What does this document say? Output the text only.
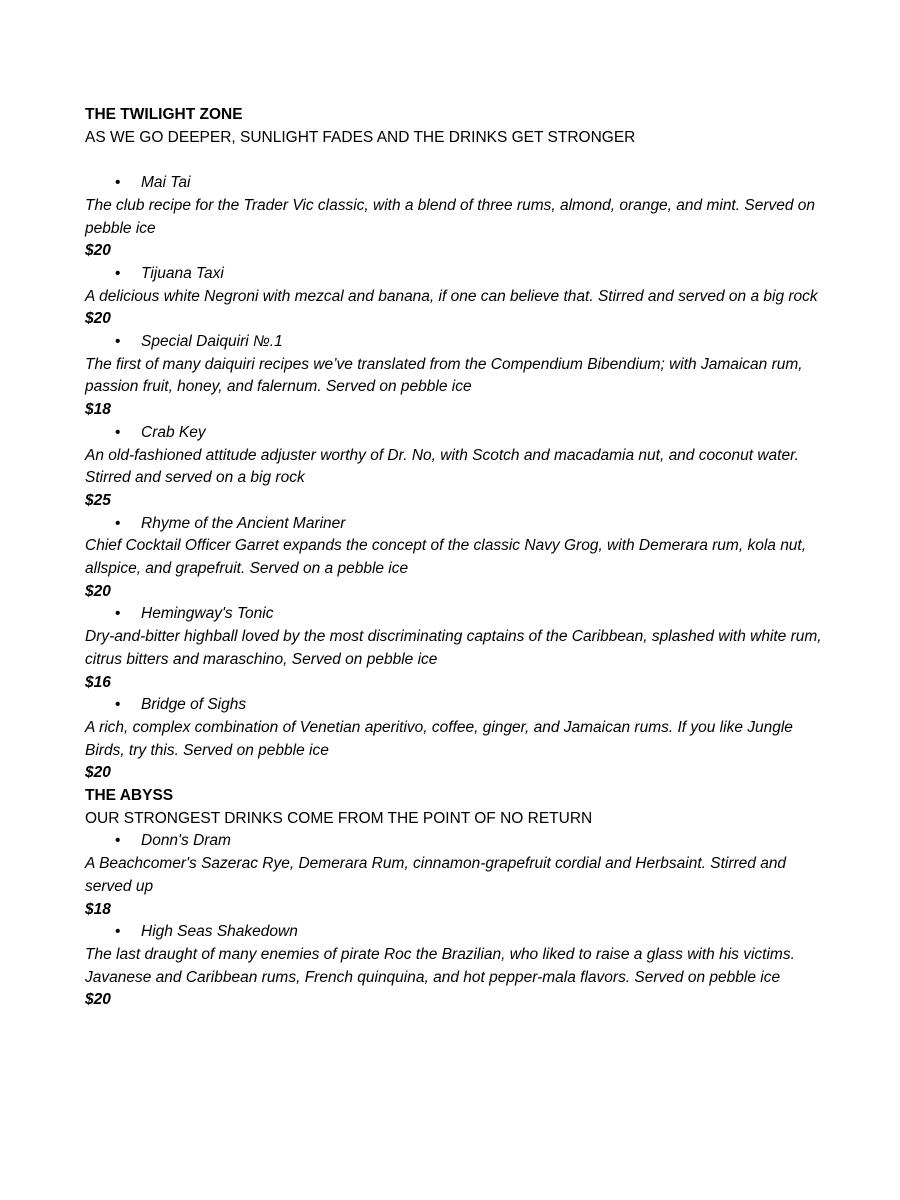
THE TWILIGHT ZONE
AS WE GO DEEPER, SUNLIGHT FADES AND THE DRINKS GET STRONGER
• Mai Tai
The club recipe for the Trader Vic classic, with a blend of three rums, almond, orange, and mint. Served on pebble ice
$20
• Tijuana Taxi
A delicious white Negroni with mezcal and banana, if one can believe that. Stirred and served on a big rock
$20
• Special Daiquiri №.1
The first of many daiquiri recipes we’ve translated from the Compendium Bibendium; with Jamaican rum, passion fruit, honey, and falernum. Served on pebble ice
$18
• Crab Key
An old-fashioned attitude adjuster worthy of Dr. No, with Scotch and macadamia nut, and coconut water. Stirred and served on a big rock
$25
• Rhyme of the Ancient Mariner
Chief Cocktail Officer Garret expands the concept of the classic Navy Grog, with Demerara rum, kola nut, allspice, and grapefruit. Served on a pebble ice
$20
• Hemingway's Tonic
Dry-and-bitter highball loved by the most discriminating captains of the Caribbean, splashed with white rum, citrus bitters and maraschino, Served on pebble ice
$16
• Bridge of Sighs
A rich, complex combination of Venetian aperitivo, coffee, ginger, and Jamaican rums. If you like Jungle Birds, try this. Served on pebble ice
$20
THE ABYSS
OUR STRONGEST DRINKS COME FROM THE POINT OF NO RETURN
• Donn's Dram
A Beachcomer's Sazerac Rye, Demerara Rum, cinnamon-grapefruit cordial and Herbsaint. Stirred and served up
$18
• High Seas Shakedown
The last draught of many enemies of pirate Roc the Brazilian, who liked to raise a glass with his victims. Javanese and Caribbean rums, French quinquina, and hot pepper-mala flavors. Served on pebble ice
$20
